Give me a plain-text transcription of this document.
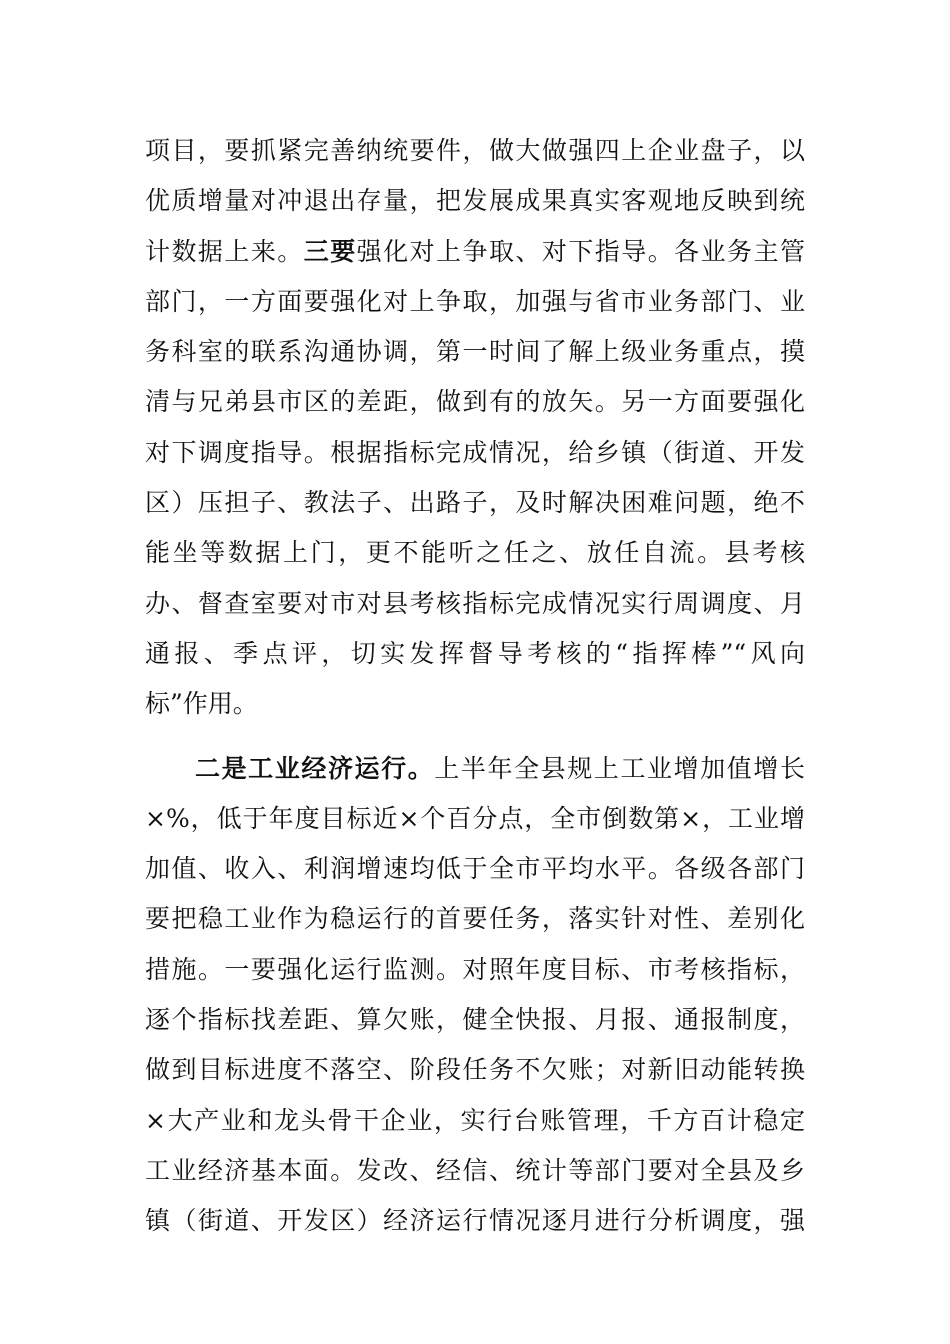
项目，要抓紧完善纳统要件，做大做强四上企业盘子，以
优质增量对冲退出存量，把发展成果真实客观地反映到统
计数据上来。三要强化对上争取、对下指导。各业务主管
部门，一方面要强化对上争取，加强与省市业务部门、业
务科室的联系沟通协调，第一时间了解上级业务重点，摸
清与兄弟县市区的差距，做到有的放矢。另一方面要强化
对下调度指导。根据指标完成情况，给乡镇（街道、开发
区）压担子、教法子、出路子，及时解决困难问题，绝不
能坐等数据上门，更不能听之任之、放任自流。县考核
办、督查室要对市对县考核指标完成情况实行周调度、月
通报、季点评，切实发挥督导考核的“指挥棒”“风向
标”作用。
二是工业经济运行。上半年全县规上工业增加值增长
×%，低于年度目标近×个百分点，全市倒数第×，工业增
加值、收入、利润增速均低于全市平均水平。各级各部门
要把稳工业作为稳运行的首要任务，落实针对性、差别化
措施。一要强化运行监测。对照年度目标、市考核指标，
逐个指标找差距、算欠账，健全快报、月报、通报制度，
做到目标进度不落空、阶段任务不欠账；对新旧动能转换
×大产业和龙头骨干企业，实行台账管理，千方百计稳定
工业经济基本面。发改、经信、统计等部门要对全县及乡
镇（街道、开发区）经济运行情况逐月进行分析调度，强
